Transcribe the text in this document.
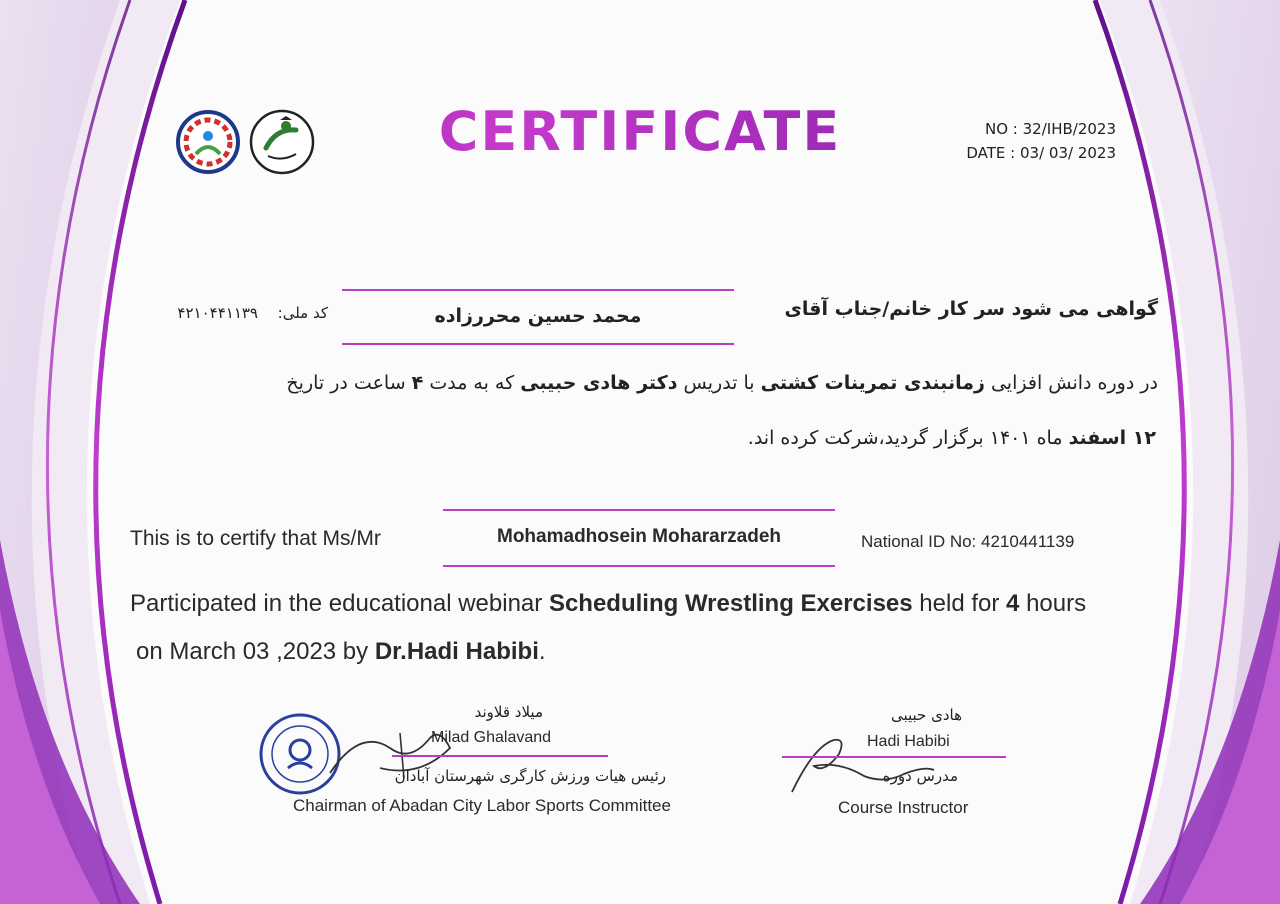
CERTIFICATE	NO : 32/IHB/2023
DATE : 03/ 03/ 2023
گواهی می شود سر کار خانم/جناب آقای
محمد حسین محررزاده
کد ملی:
۴۲۱۰۴۴۱۱۳۹
در دوره دانش افزایی زمانبندی تمرینات کشتی با تدریس دکتر هادی حبیبی که به مدت ۴ ساعت در تاریخ
۱۲ اسفند ماه ۱۴۰۱ برگزار گردید،شرکت کرده اند.
This is to certify that Ms/Mr	Mohamadhosein Mohararzadeh	National ID No: 4210441139
Participated in the educational webinar Scheduling Wrestling Exercises held for 4 hours
on March 03 ,2023 by Dr.Hadi Habibi.
میلاد قلاوند
Milad Ghalavand
رئیس هیات ورزش کارگری شهرستان آبادان
Chairman of Abadan City Labor Sports Committee
هادی حبیبی
Hadi Habibi
مدرس دوره
Course Instructor
